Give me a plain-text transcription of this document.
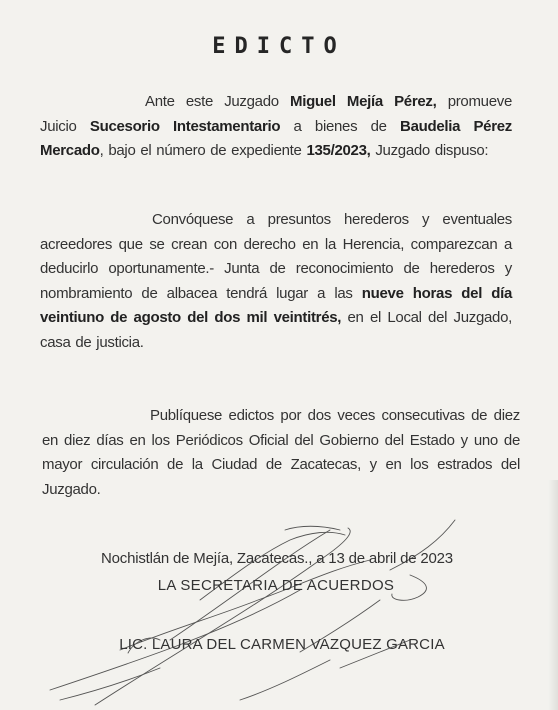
EDICTO
Ante este Juzgado Miguel Mejía Pérez, promueve Juicio Sucesorio Intestamentario a bienes de Baudelia Pérez Mercado, bajo el número de expediente 135/2023, Juzgado dispuso:
Convóquese a presuntos herederos y eventuales acreedores que se crean con derecho en la Herencia, comparezcan a deducirlo oportunamente.- Junta de reconocimiento de herederos y nombramiento de albacea tendrá lugar a las nueve horas del día veintiuno de agosto del dos mil veintitrés, en el Local del Juzgado, casa de justicia.
Publíquese edictos por dos veces consecutivas de diez en diez días en los Periódicos Oficial del Gobierno del Estado y uno de mayor circulación de la Ciudad de Zacatecas, y en los estrados del Juzgado.
Nochistlán de Mejía, Zacatecas., a 13 de abril de 2023
LA SECRETARIA DE ACUERDOS
LIC. LAURA DEL CARMEN VAZQUEZ GARCIA
